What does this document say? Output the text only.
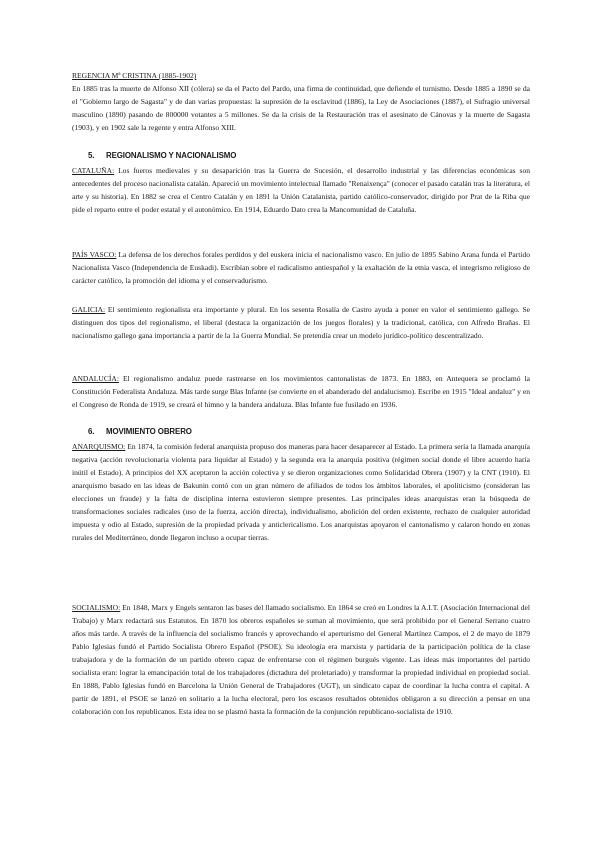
REGENCIA Mª CRISTINA (1885-1902)

En 1885 tras la muerte de Alfonso XII (cólera) se da el Pacto del Pardo, una firma de continuidad, que defiende el turnismo. Desde 1885 a 1890 se da el "Gobierno largo de Sagasta" y de dan varias propuestas: la supresión de la esclavitud (1886), la Ley de Asociaciones (1887), el Sufragio universal masculino (1890) pasando de 800000 votantes a 5 millones. Se da la crisis de la Restauración tras el asesinato de Cánovas y la muerte de Sagasta (1903), y en 1902 sale la regente y entra Alfonso XIII.

5. REGIONALISMO Y NACIONALISMO
CATALUÑA: Los fueros medievales y su desaparición tras la Guerra de Sucesión, el desarrollo industrial y las diferencias económicas son antecedentes del proceso nacionalista catalán. Apareció un movimiento intelectual llamado "Renaixença" (conocer el pasado catalán tras la literatura, el arte y su historia). En 1882 se crea el Centro Catalán y en 1891 la Unión Catalanista, partido católico-conservador, dirigido por Prat de la Riba que pide el reparto entre el poder estatal y el autonómico. En 1914, Eduardo Dato crea la Mancomunidad de Cataluña.
PAÍS VASCO: La defensa de los derechos forales perdidos y del euskera inicia el nacionalismo vasco. En julio de 1895 Sabino Arana funda el Partido Nacionalista Vasco (Independencia de Euskadi). Escribían sobre el radicalismo antiespañol y la exaltación de la etnia vasca, el integrismo religioso de carácter católico, la promoción del idioma y el conservadurismo.
GALICIA: El sentimiento regionalista era importante y plural. En los sesenta Rosalía de Castro ayuda a poner en valor el sentimiento gallego. Se distinguen dos tipos del regionalismo, el liberal (destaca la organización de los juegos florales) y la tradicional, católica, con Alfredo Brañas. El nacionalismo gallego gana importancia a partir de la 1a Guerra Mundial. Se pretendía crear un modelo jurídico-político descentralizado.
ANDALUCÍA: El regionalismo andaluz puede rastrearse en los movimientos cantonalistas de 1873. En 1883, en Antequera se proclamó la Constitución Federalista Andaluza. Más tarde surge Blas Infante (se convierte en el abanderado del andalucismo). Escribe en 1915 "Ideal andaluz" y en el Congreso de Ronda de 1919, se creará el himno y la bandera andaluza. Blas Infante fue fusilado en 1936.
6. MOVIMIENTO OBRERO
ANARQUISMO: En 1874, la comisión federal anarquista propuso dos maneras para hacer desaparecer al Estado. La primera sería la llamada anarquía negativa (acción revolucionaria violenta para liquidar al Estado) y la segunda era la anarquía positiva (régimen social donde el libre acuerdo haría inútil el Estado). A principios del XX aceptaron la acción colectiva y se dieron organizaciones como Solidaridad Obrera (1907) y la CNT (1910). El anarquismo basado en las ideas de Bakunin contó con un gran número de afiliados de todos los ámbitos laborales, el apoliticismo (consideran las elecciones un fraude) y la falta de disciplina interna estuvieron siempre presentes. Las principales ideas anarquistas eran la búsqueda de transformaciones sociales radicales (uso de la fuerza, acción directa), individualismo, abolición del orden existente, rechazo de cualquier autoridad impuesta y odio al Estado, supresión de la propiedad privada y anticlericalismo. Los anarquistas apoyaron el cantonalismo y calaron hondo en zonas rurales del Mediterráneo, donde llegaron incluso a ocupar tierras.
SOCIALISMO: En 1848, Marx y Engels sentaron las bases del llamado socialismo. En 1864 se creó en Londres la A.I.T. (Asociación Internacional del Trabajo) y Marx redactará sus Estatutos. En 1870 los obreros españoles se suman al movimiento, que será prohibido por el General Serrano cuatro años más tarde. A través de la influencia del socialismo francés y aprovechando el aperturismo del General Martínez Campos, el 2 de mayo de 1879 Pablo Iglesias fundó el Partido Socialista Obrero Español (PSOE). Su ideología era marxista y partidaria de la participación política de la clase trabajadora y de la formación de un partido obrero capaz de enfrentarse con el régimen burgués vigente. Las ideas más importantes del partido socialista eran: lograr la emancipación total de los trabajadores (dictadura del proletariado) y transformar la propiedad individual en propiedad social. En 1888, Pablo Iglesias fundó en Barcelona la Unión General de Trabajadores (UGT), un sindicato capaz de coordinar la lucha contra el capital. A partir de 1891, el PSOE se lanzó en solitario a la lucha electoral, pero los escasos resultados obtenidos obligaron a su dirección a pensar en una colaboración con los republicanos. Esta idea no se plasmó hasta la formación de la conjunción republicano-socialista de 1910.
